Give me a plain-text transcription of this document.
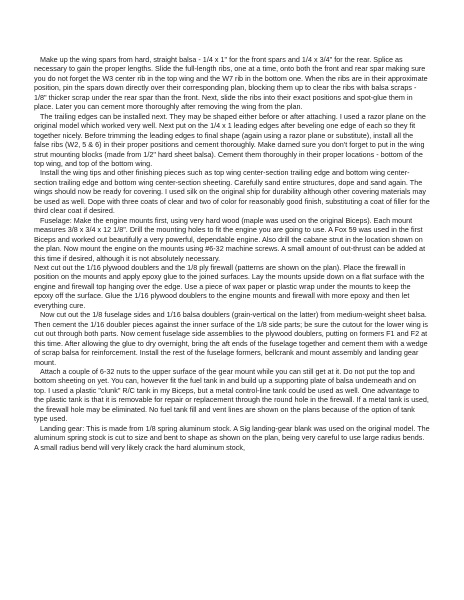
Make up the wing spars from hard, straight balsa - 1/4 x 1" for the front spars and 1/4 x 3/4" for the rear. Splice as necessary to gain the proper lengths. Slide the full-length ribs, one at a time, onto both the front and rear spar making sure you do not forget the W3 center rib in the top wing and the W7 rib in the bottom one. When the ribs are in their approximate position, pin the spars down directly over their corresponding plan, blocking them up to clear the ribs with balsa scraps - 1/8" thicker scrap under the rear spar than the front. Next, slide the ribs into their exact positions and spot-glue them in place. Later you can cement more thoroughly after removing the wing from the plan.

The trailing edges can be installed next. They may be shaped either before or after attaching. I used a razor plane on the original model which worked very well. Next put on the 1/4 x 1 leading edges after beveling one edge of each so they fit together nicely. Before trimming the leading edges to final shape (again using a razor plane or substitute), install all the false ribs (W2, 5 & 6) in their proper positions and cement thoroughly. Make darned sure you don't forget to put in the wing strut mounting blocks (made from 1/2" hard sheet balsa). Cement them thoroughly in their proper locations - bottom of the top wing, and top of the bottom wing.

Install the wing tips and other finishing pieces such as top wing center-section trailing edge and bottom wing center-section trailing edge and bottom wing center-section sheeting. Carefully sand entire structures, dope and sand again. The wings should now be ready for covering. I used silk on the original ship for durability although other covering materials may be used as well. Dope with three coats of clear and two of color for reasonably good finish, substituting a coat of filler for the third clear coat if desired.

Fuselage: Make the engine mounts first, using very hard wood (maple was used on the original Biceps). Each mount measures 3/8 x 3/4 x 12 1/8". Drill the mounting holes to fit the engine you are going to use. A Fox 59 was used in the first Biceps and worked out beautifully a very powerful, dependable engine. Also drill the cabane strut in the location shown on the plan. Now mount the engine on the mounts using #6-32 machine screws. A small amount of out-thrust can be added at this time if desired, although it is not absolutely necessary.

Next cut out the 1/16 plywood doublers and the 1/8 ply firewall (patterns are shown on the plan). Place the firewall in position on the mounts and apply epoxy glue to the joined surfaces. Lay the mounts upside down on a flat surface with the engine and firewall top hanging over the edge. Use a piece of wax paper or plastic wrap under the mounts to keep the epoxy off the surface. Glue the 1/16 plywood doublers to the engine mounts and firewall with more epoxy and then let everything cure.

Now cut out the 1/8 fuselage sides and 1/16 balsa doublers (grain-vertical on the latter) from medium-weight sheet balsa. Then cement the 1/16 doubler pieces against the inner surface of the 1/8 side parts; be sure the cutout for the lower wing is cut out through both parts. Now cement fuselage side assemblies to the plywood doublers, putting on formers F1 and F2 at this time. After allowing the glue to dry overnight, bring the aft ends of the fuselage together and cement them with a wedge of scrap balsa for reinforcement. Install the rest of the fuselage formers, bellcrank and mount assembly and landing gear mount.

Attach a couple of 6-32 nuts to the upper surface of the gear mount while you can still get at it. Do not put the top and bottom sheeting on yet. You can, however fit the fuel tank in and build up a supporting plate of balsa underneath and on top. I used a plastic "clunk" R/C tank in my Biceps, but a metal control-line tank could be used as well. One advantage to the plastic tank is that it is removable for repair or replacement through the round hole in the firewall. If a metal tank is used, the firewall hole may be eliminated. No fuel tank fill and vent lines are shown on the plans because of the option of tank type used.

Landing gear: This is made from 1/8 spring aluminum stock. A Sig landing-gear blank was used on the original model. The aluminum spring stock is cut to size and bent to shape as shown on the plan, being very careful to use large radius bends. A small radius bend will very likely crack the hard aluminum stock,
